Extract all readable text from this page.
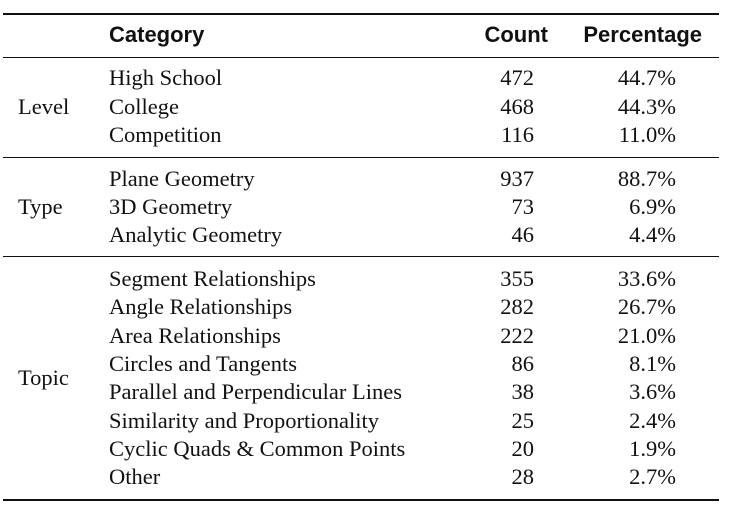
Category	Count	Percentage
Level
High School	472	44.7%
College	468	44.3%
Competition	116	11.0%
Type
Plane Geometry	937	88.7%
3D Geometry	73	6.9%
Analytic Geometry	46	4.4%
Topic
Segment Relationships	355	33.6%
Angle Relationships	282	26.7%
Area Relationships	222	21.0%
Circles and Tangents	86	8.1%
Parallel and Perpendicular Lines	38	3.6%
Similarity and Proportionality	25	2.4%
Cyclic Quads & Common Points	20	1.9%
Other	28	2.7%
